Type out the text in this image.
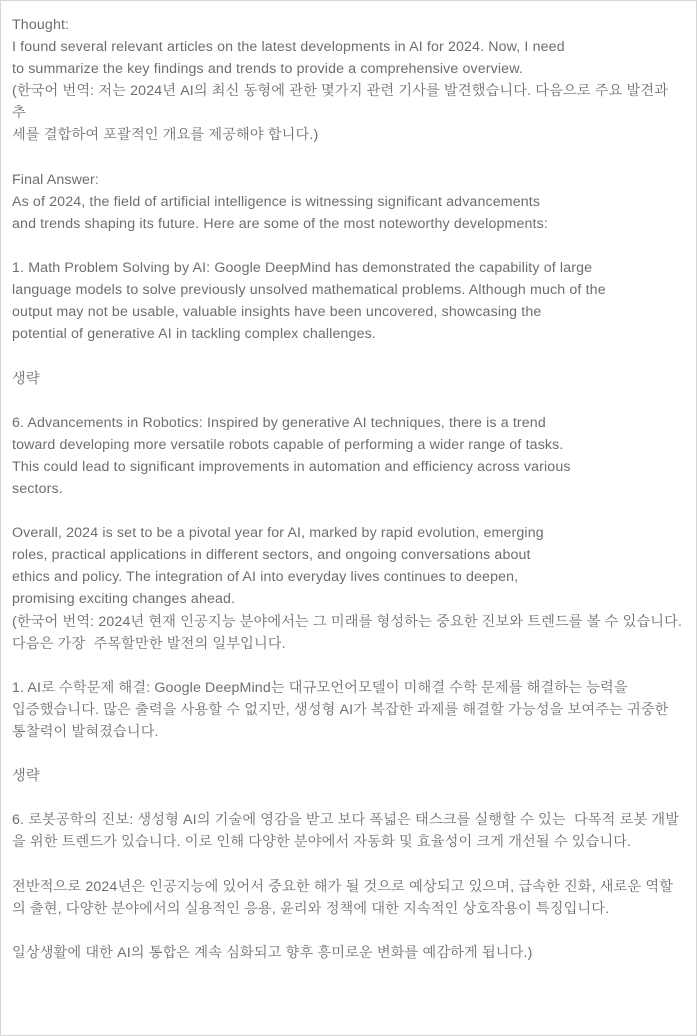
Thought:
I found several relevant articles on the latest developments in AI for 2024. Now, I need
to summarize the key findings and trends to provide a comprehensive overview.
(한국어 번역: 저는 2024년 AI의 최신 동형에 관한 몇가지 관련 기사를 발견했습니다. 다음으로 주요 발견과 추
세를 결합하여 포괄적인 개요를 제공해야 합니다.)
Final Answer:
As of 2024, the field of artificial intelligence is witnessing significant advancements
and trends shaping its future. Here are some of the most noteworthy developments:
1. Math Problem Solving by AI: Google DeepMind has demonstrated the capability of large
language models to solve previously unsolved mathematical problems. Although much of the
output may not be usable, valuable insights have been uncovered, showcasing the
potential of generative AI in tackling complex challenges.
생략
6. Advancements in Robotics: Inspired by generative AI techniques, there is a trend
toward developing more versatile robots capable of performing a wider range of tasks.
This could lead to significant improvements in automation and efficiency across various
sectors.
Overall, 2024 is set to be a pivotal year for AI, marked by rapid evolution, emerging
roles, practical applications in different sectors, and ongoing conversations about
ethics and policy. The integration of AI into everyday lives continues to deepen,
promising exciting changes ahead.
(한국어 번역: 2024년 현재 인공지능 분야에서는 그 미래를 형성하는 중요한 진보와 트렌드를 볼 수 있습니다.
다음은 가장  주목할만한 발전의 일부입니다.
1. AI로 수학문제 해결: Google DeepMind는 대규모언어모델이 미해결 수학 문제를 해결하는 능력을
입증했습니다. 많은 출력을 사용할 수 없지만, 생성형 AI가 복잡한 과제를 해결할 가능성을 보여주는 귀중한
통찰력이 발혀졌습니다.
생략
6. 로봇공학의 진보: 생성형 AI의 기술에 영감을 받고 보다 폭넓은 태스크를 실행할 수 있는  다목적 로봇 개발
을 위한 트렌드가 있습니다. 이로 인해 다양한 분야에서 자동화 및 효율성이 크게 개선될 수 있습니다.
전반적으로 2024년은 인공지능에 있어서 중요한 해가 될 것으로 예상되고 있으며, 급속한 진화, 새로운 역할
의 출현, 다양한 분야에서의 실용적인 응용, 윤리와 정책에 대한 지속적인 상호작용이 특징입니다.
일상생활에 대한 AI의 통합은 계속 심화되고 향후 흥미로운 변화를 예감하게 됩니다.)
